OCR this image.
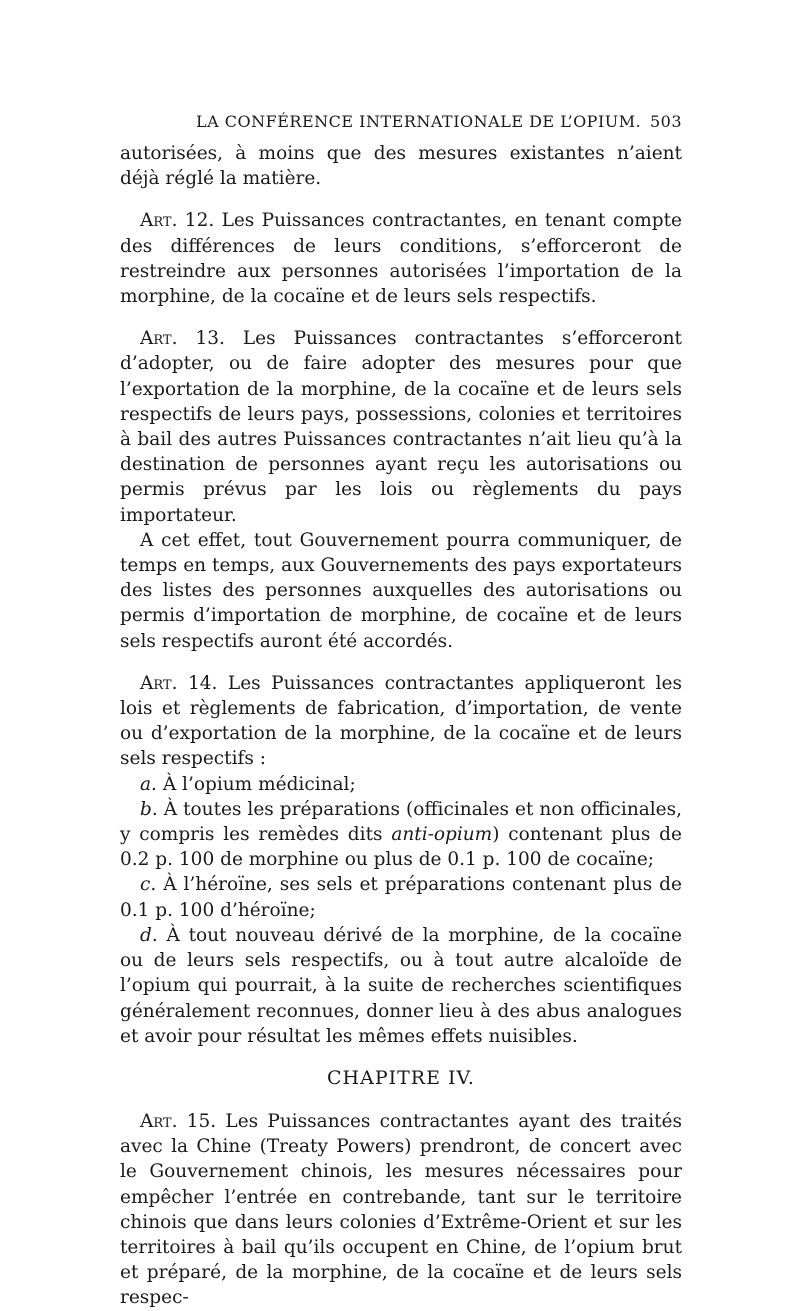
LA CONFÉRENCE INTERNATIONALE DE L’OPIUM. 503

autorisées, à moins que des mesures existantes n’aient déjà réglé la matière.

Art. 12. Les Puissances contractantes, en tenant compte des différences de leurs conditions, s’efforceront de restreindre aux personnes autorisées l’importation de la morphine, de la cocaïne et de leurs sels respectifs.

Art. 13. Les Puissances contractantes s’efforceront d’adopter, ou de faire adopter des mesures pour que l’exportation de la morphine, de la cocaïne et de leurs sels respectifs de leurs pays, possessions, colonies et territoires à bail des autres Puissances contractantes n’ait lieu qu’à la destination de personnes ayant reçu les autorisations ou permis prévus par les lois ou règlements du pays importateur.

A cet effet, tout Gouvernement pourra communiquer, de temps en temps, aux Gouvernements des pays exportateurs des listes des personnes auxquelles des autorisations ou permis d’importation de morphine, de cocaïne et de leurs sels respectifs auront été accordés.

Art. 14. Les Puissances contractantes appliqueront les lois et règlements de fabrication, d’importation, de vente ou d’exportation de la morphine, de la cocaïne et de leurs sels respectifs :

a. À l’opium médicinal;

b. À toutes les préparations (officinales et non officinales, y compris les remèdes dits anti-opium) contenant plus de 0.2 p. 100 de morphine ou plus de 0.1 p. 100 de cocaïne;

c. À l’héroïne, ses sels et préparations contenant plus de 0.1 p. 100 d’héroïne;

d. À tout nouveau dérivé de la morphine, de la cocaïne ou de leurs sels respectifs, ou à tout autre alcaloïde de l’opium qui pourrait, à la suite de recherches scientifiques généralement reconnues, donner lieu à des abus analogues et avoir pour résultat les mêmes effets nuisibles.

CHAPITRE IV.

Art. 15. Les Puissances contractantes ayant des traités avec la Chine (Treaty Powers) prendront, de concert avec le Gouvernement chinois, les mesures nécessaires pour empêcher l’entrée en contrebande, tant sur le territoire chinois que dans leurs colonies d’Extrême-Orient et sur les territoires à bail qu’ils occupent en Chine, de l’opium brut et préparé, de la morphine, de la cocaïne et de leurs sels respec-
